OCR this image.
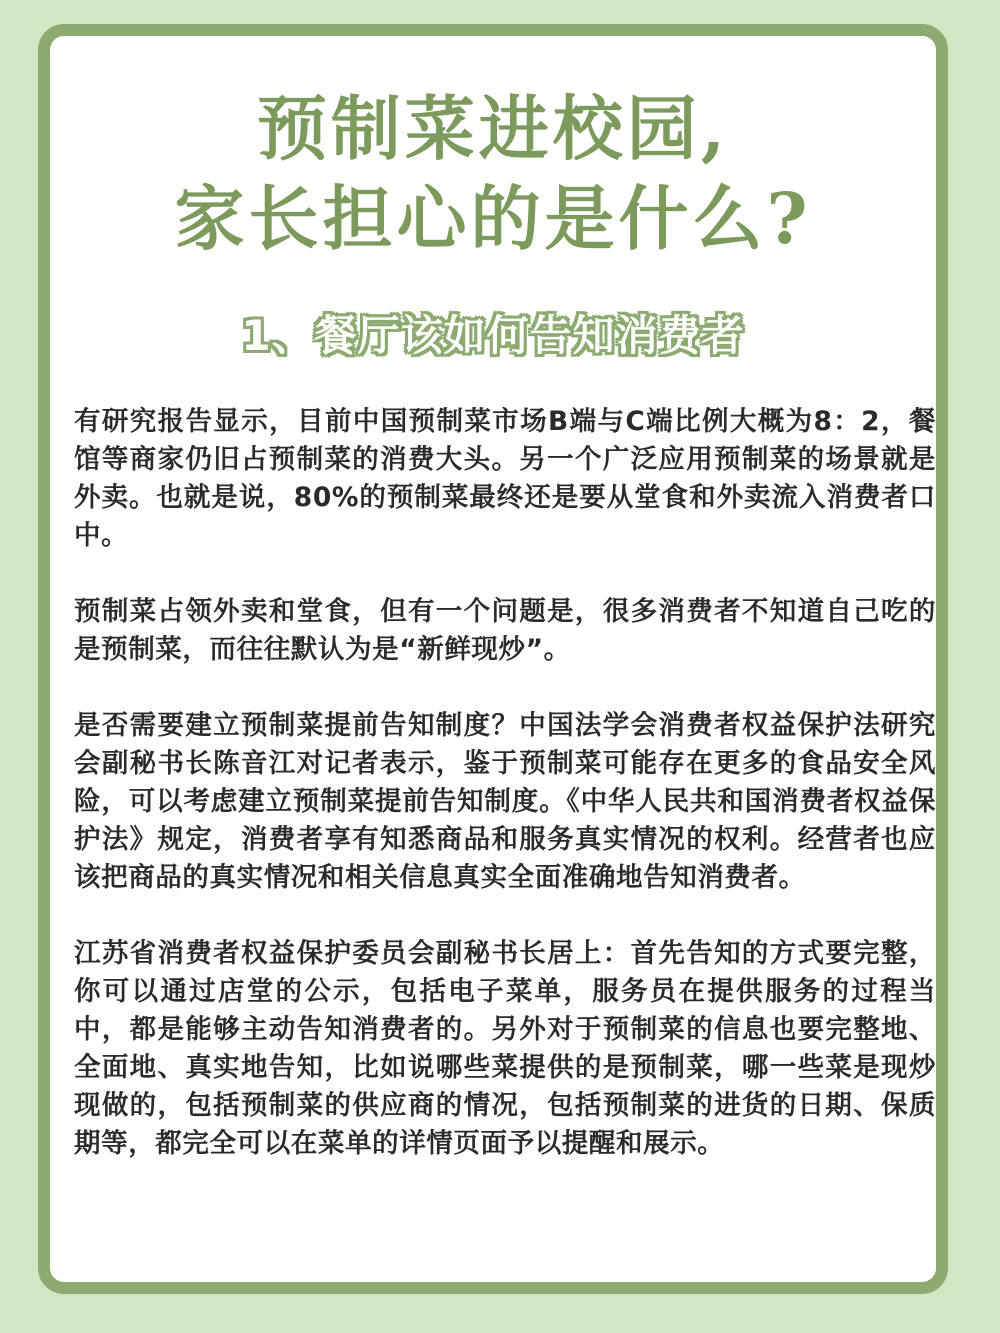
预制菜进校园,
家长担心的是什么?
1、餐厅该如何告知消费者

有研究报告显示，目前中国预制菜市场B端与C端比例大概为8：2，餐馆等商家仍旧占预制菜的消费大头。另一个广泛应用预制菜的场景就是外卖。也就是说，80%的预制菜最终还是要从堂食和外卖流入消费者口中。

预制菜占领外卖和堂食，但有一个问题是，很多消费者不知道自己吃的是预制菜，而往往默认为是“新鲜现炒”。

是否需要建立预制菜提前告知制度？中国法学会消费者权益保护法研究会副秘书长陈音江对记者表示，鉴于预制菜可能存在更多的食品安全风险，可以考虑建立预制菜提前告知制度。《中华人民共和国消费者权益保护法》规定，消费者享有知悉商品和服务真实情况的权利。经营者也应该把商品的真实情况和相关信息真实全面准确地告知消费者。

江苏省消费者权益保护委员会副秘书长居上：首先告知的方式要完整，你可以通过店堂的公示，包括电子菜单，服务员在提供服务的过程当中，都是能够主动告知消费者的。另外对于预制菜的信息也要完整地、全面地、真实地告知，比如说哪些菜提供的是预制菜，哪一些菜是现炒现做的，包括预制菜的供应商的情况，包括预制菜的进货的日期、保质期等，都完全可以在菜单的详情页面予以提醒和展示。
